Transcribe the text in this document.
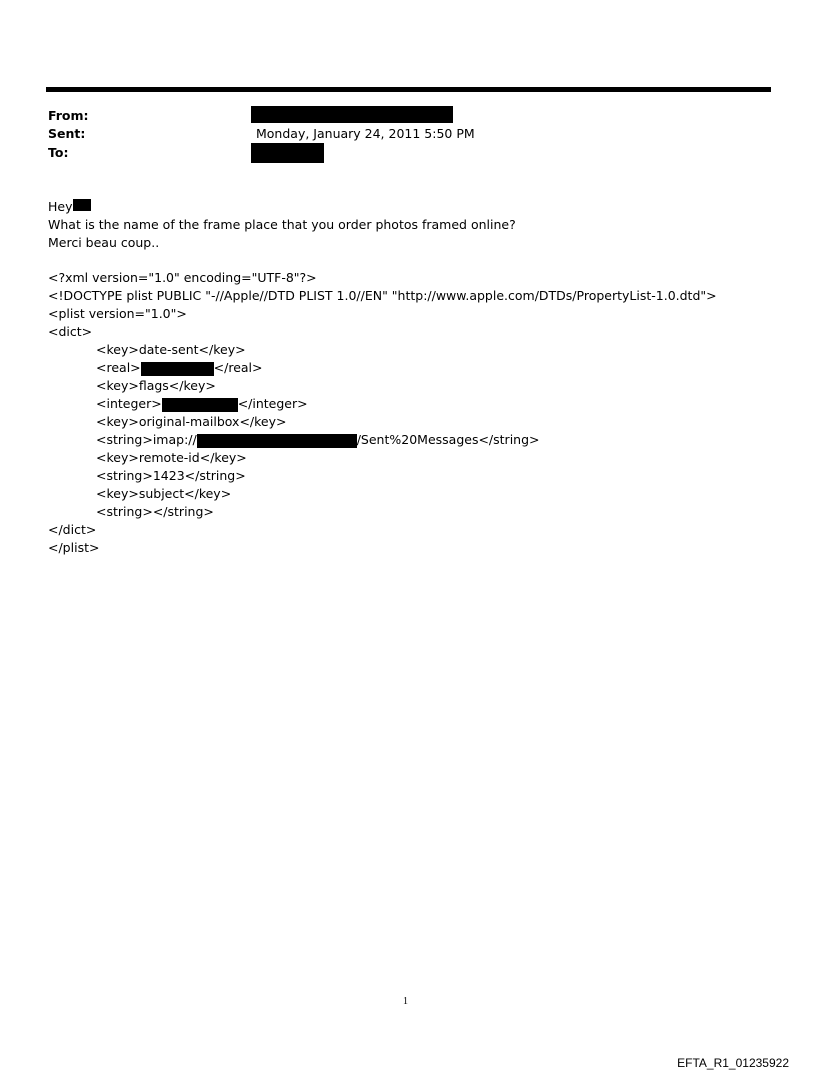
From:
Sent:	Monday, January 24, 2011 5:50 PM
To:
Hey
What is the name of the frame place that you order photos framed online?
Merci beau coup..
<?xml version="1.0" encoding="UTF-8"?>
<!DOCTYPE plist PUBLIC "-//Apple//DTD PLIST 1.0//EN" "http://www.apple.com/DTDs/PropertyList-1.0.dtd">
<plist version="1.0">
<dict>
<key>date-sent</key>
<real>	</real>
<key>flags</key>
<integer>	</integer>
<key>original-mailbox</key>
<string>imap://	/Sent%20Messages</string>
<key>remote-id</key>
<string>1423</string>
<key>subject</key>
<string></string>
</dict>
</plist>
1
EFTA_R1_01235922
